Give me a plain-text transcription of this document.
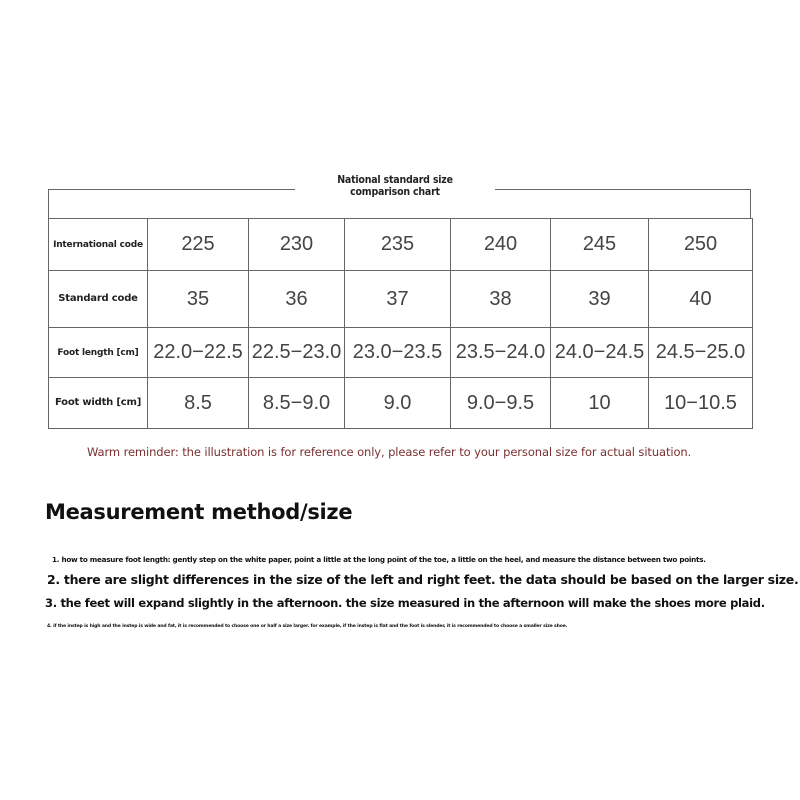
National standard size
comparison chart
International code	225	230	235	240	245	250
Standard code	35	36	37	38	39	40
Foot length [cm]	22.0−22.5	22.5−23.0	23.0−23.5	23.5−24.0	24.0−24.5	24.5−25.0
Foot width [cm]	8.5	8.5−9.0	9.0	9.0−9.5	10	10−10.5
Warm reminder: the illustration is for reference only, please refer to your personal size for actual situation.
Measurement method/size
1. how to measure foot length: gently step on the white paper, point a little at the long point of the toe, a little on the heel, and measure the distance between two points.
2. there are slight differences in the size of the left and right feet. the data should be based on the larger size.
3. the feet will expand slightly in the afternoon. the size measured in the afternoon will make the shoes more plaid.
4. if the instep is high and the instep is wide and fat, it is recommended to choose one or half a size larger. for example, if the instep is flat and the foot is slender, it is recommended to choose a smaller size shoe.
